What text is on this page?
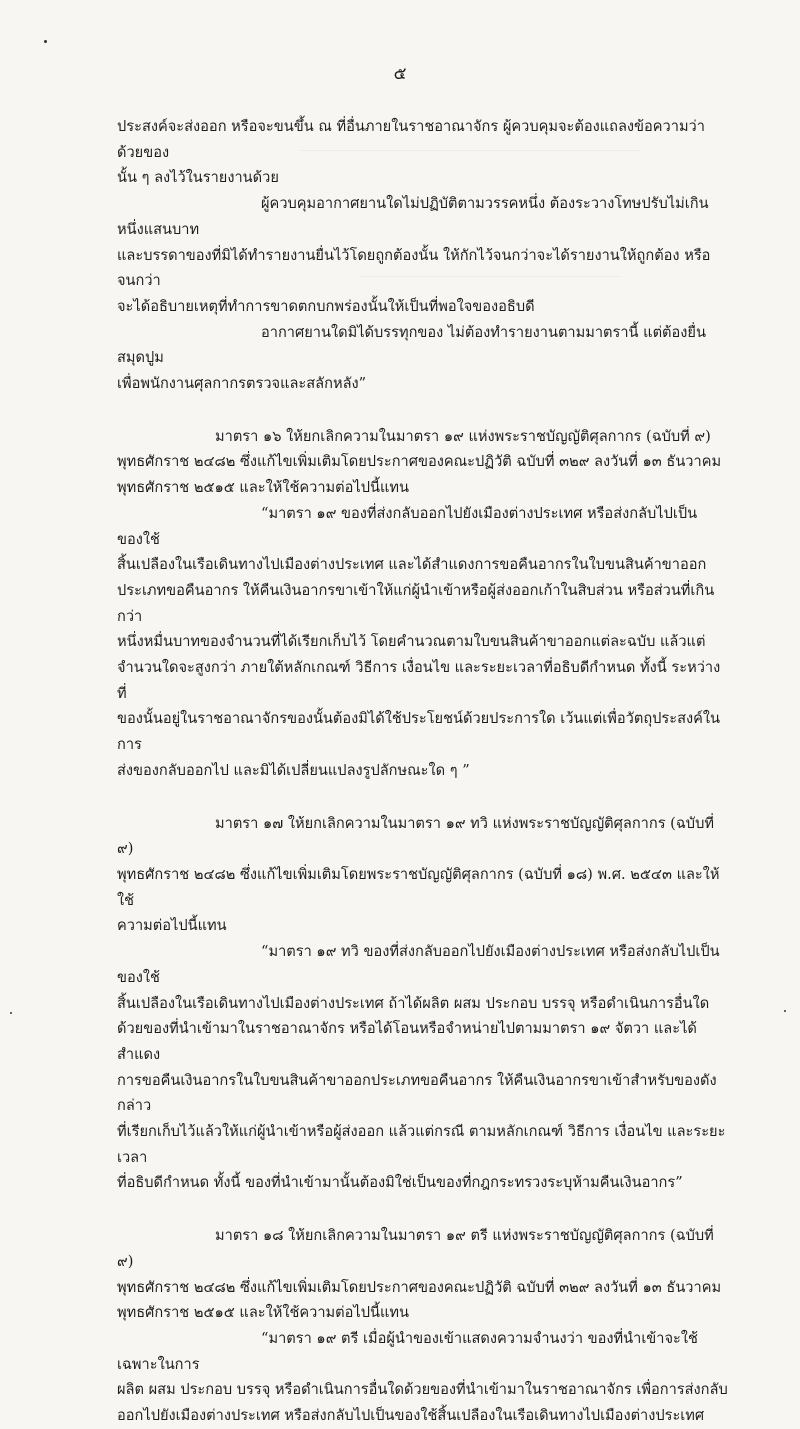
๕

ประสงค์จะส่งออก หรือจะขนขึ้น ณ ที่อื่นภายในราชอาณาจักร ผู้ควบคุมจะต้องแถลงข้อความว่าด้วยของ

นั้น ๆ ลงไว้ในรายงานด้วย

ผู้ควบคุมอากาศยานใดไม่ปฏิบัติตามวรรคหนึ่ง ต้องระวางโทษปรับไม่เกินหนึ่งแสนบาท

และบรรดาของที่มิได้ทำรายงานยื่นไว้โดยถูกต้องนั้น ให้กักไว้จนกว่าจะได้รายงานให้ถูกต้อง หรือจนกว่า

จะได้อธิบายเหตุที่ทำการขาดตกบกพร่องนั้นให้เป็นที่พอใจของอธิบดี

อากาศยานใดมิได้บรรทุกของ ไม่ต้องทำรายงานตามมาตรานี้ แต่ต้องยื่นสมุดปูม

เพื่อพนักงานศุลกากรตรวจและสลักหลัง”

มาตรา ๑๖ ให้ยกเลิกความในมาตรา ๑๙ แห่งพระราชบัญญัติศุลกากร (ฉบับที่ ๙)

พุทธศักราช ๒๔๘๒ ซึ่งแก้ไขเพิ่มเติมโดยประกาศของคณะปฏิวัติ ฉบับที่ ๓๒๙ ลงวันที่ ๑๓ ธันวาคม

พุทธศักราช ๒๕๑๕ และให้ใช้ความต่อไปนี้แทน

“มาตรา ๑๙ ของที่ส่งกลับออกไปยังเมืองต่างประเทศ หรือส่งกลับไปเป็นของใช้

สิ้นเปลืองในเรือเดินทางไปเมืองต่างประเทศ และได้สำแดงการขอคืนอากรในใบขนสินค้าขาออก

ประเภทขอคืนอากร ให้คืนเงินอากรขาเข้าให้แก่ผู้นำเข้าหรือผู้ส่งออกเก้าในสิบส่วน หรือส่วนที่เกินกว่า

หนึ่งหมื่นบาทของจำนวนที่ได้เรียกเก็บไว้ โดยคำนวณตามใบขนสินค้าขาออกแต่ละฉบับ แล้วแต่

จำนวนใดจะสูงกว่า ภายใต้หลักเกณฑ์ วิธีการ เงื่อนไข และระยะเวลาที่อธิบดีกำหนด ทั้งนี้ ระหว่างที่

ของนั้นอยู่ในราชอาณาจักรของนั้นต้องมิได้ใช้ประโยชน์ด้วยประการใด เว้นแต่เพื่อวัตถุประสงค์ในการ

ส่งของกลับออกไป และมิได้เปลี่ยนแปลงรูปลักษณะใด ๆ ”

มาตรา ๑๗ ให้ยกเลิกความในมาตรา ๑๙ ทวิ แห่งพระราชบัญญัติศุลกากร (ฉบับที่ ๙)

พุทธศักราช ๒๔๘๒ ซึ่งแก้ไขเพิ่มเติมโดยพระราชบัญญัติศุลกากร (ฉบับที่ ๑๘) พ.ศ. ๒๕๔๓ และให้ใช้

ความต่อไปนี้แทน

“มาตรา ๑๙ ทวิ ของที่ส่งกลับออกไปยังเมืองต่างประเทศ หรือส่งกลับไปเป็นของใช้

สิ้นเปลืองในเรือเดินทางไปเมืองต่างประเทศ ถ้าได้ผลิต ผสม ประกอบ บรรจุ หรือดำเนินการอื่นใด

ด้วยของที่นำเข้ามาในราชอาณาจักร หรือได้โอนหรือจำหน่ายไปตามมาตรา ๑๙ จัตวา และได้สำแดง

การขอคืนเงินอากรในใบขนสินค้าขาออกประเภทขอคืนอากร ให้คืนเงินอากรขาเข้าสำหรับของดังกล่าว

ที่เรียกเก็บไว้แล้วให้แก่ผู้นำเข้าหรือผู้ส่งออก แล้วแต่กรณี ตามหลักเกณฑ์ วิธีการ เงื่อนไข และระยะเวลา

ที่อธิบดีกำหนด ทั้งนี้ ของที่นำเข้ามานั้นต้องมิใช่เป็นของที่กฎกระทรวงระบุห้ามคืนเงินอากร”

มาตรา ๑๘ ให้ยกเลิกความในมาตรา ๑๙ ตรี แห่งพระราชบัญญัติศุลกากร (ฉบับที่ ๙)

พุทธศักราช ๒๔๘๒ ซึ่งแก้ไขเพิ่มเติมโดยประกาศของคณะปฏิวัติ ฉบับที่ ๓๒๙ ลงวันที่ ๑๓ ธันวาคม

พุทธศักราช ๒๕๑๕ และให้ใช้ความต่อไปนี้แทน

“มาตรา ๑๙ ตรี เมื่อผู้นำของเข้าแสดงความจำนงว่า ของที่นำเข้าจะใช้เฉพาะในการ

ผลิต ผสม ประกอบ บรรจุ หรือดำเนินการอื่นใดด้วยของที่นำเข้ามาในราชอาณาจักร เพื่อการส่งกลับ

ออกไปยังเมืองต่างประเทศ หรือส่งกลับไปเป็นของใช้สิ้นเปลืองในเรือเดินทางไปเมืองต่างประเทศ
